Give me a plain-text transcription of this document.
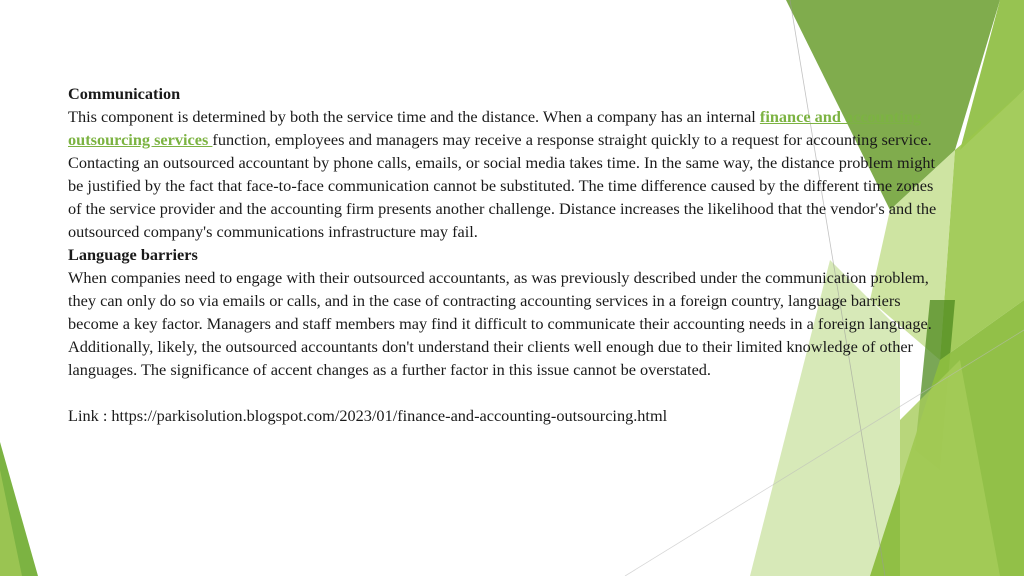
Communication

This component is determined by both the service time and the distance. When a company has an internal finance and accounting outsourcing services function, employees and managers may receive a response straight quickly to a request for accounting service. Contacting an outsourced accountant by phone calls, emails, or social media takes time. In the same way, the distance problem might be justified by the fact that face-to-face communication cannot be substituted. The time difference caused by the different time zones of the service provider and the accounting firm presents another challenge. Distance increases the likelihood that the vendor's and the outsourced company's communications infrastructure may fail.

Language barriers

When companies need to engage with their outsourced accountants, as was previously described under the communication problem, they can only do so via emails or calls, and in the case of contracting accounting services in a foreign country, language barriers become a key factor. Managers and staff members may find it difficult to communicate their accounting needs in a foreign language. Additionally, likely, the outsourced accountants don't understand their clients well enough due to their limited knowledge of other languages. The significance of accent changes as a further factor in this issue cannot be overstated.

Link : https://parkisolution.blogspot.com/2023/01/finance-and-accounting-outsourcing.html
